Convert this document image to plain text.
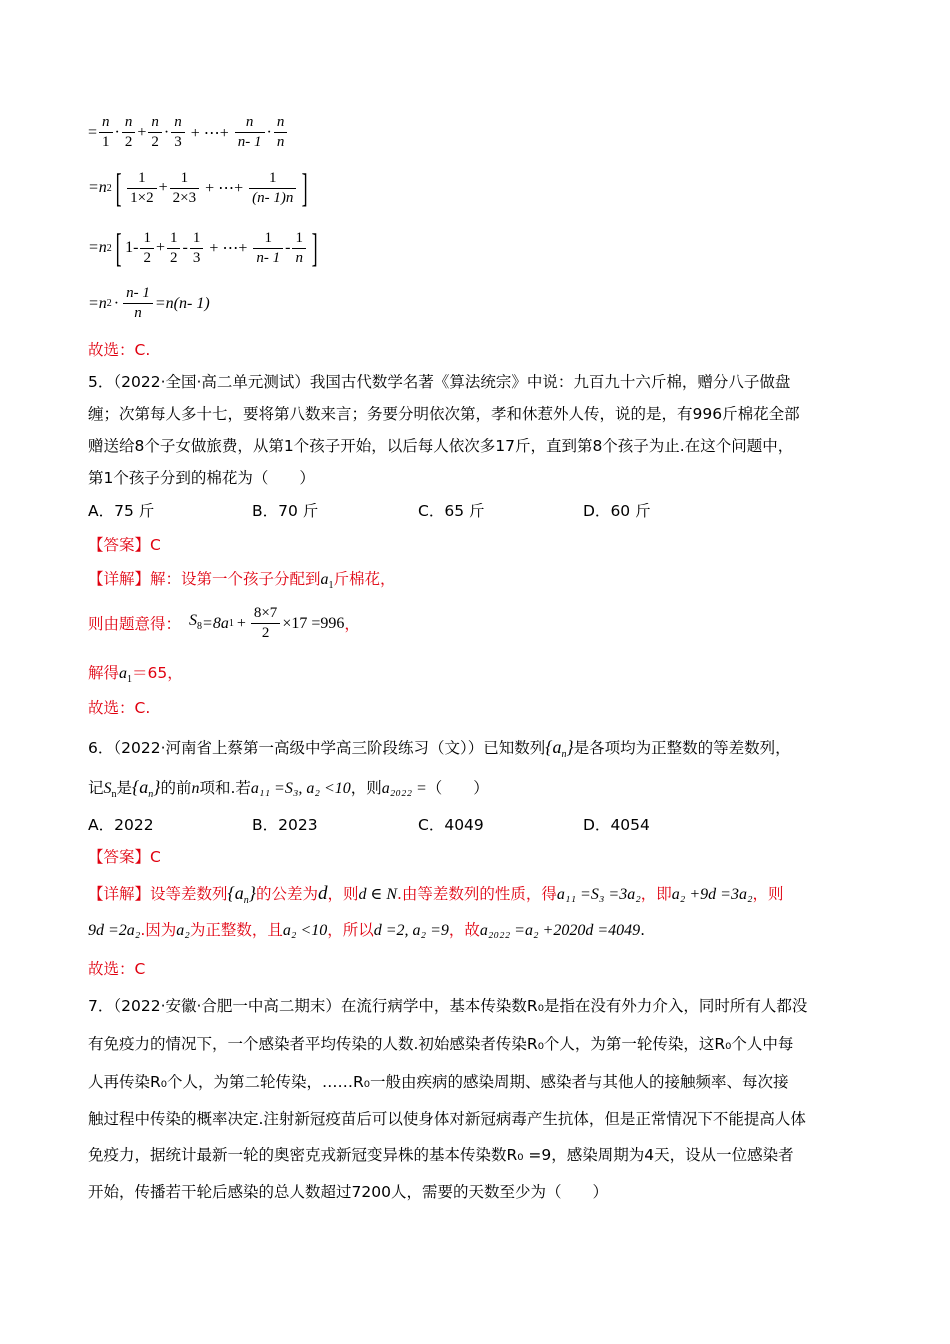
= $\frac{n}{1} \cdot \frac{n}{2} + \frac{n}{2} \cdot \frac{n}{3}$ + ⋯+ $\frac{n}{n- 1} \cdot \frac{n}{n}$
=n 2 [ $\frac{1}{1\times 2} + \frac{1}{2\times 3}$ + ⋯+ $\frac{1}{(n- 1)n}$ ]
=n 2 [ $1- \frac{1}{2} + \frac{1}{2} - \frac{1}{3}$ + ⋯+ $\frac{1}{n- 1} - \frac{1}{n}$ ]
=n $2 \cdot \frac{n- 1}{n} =n(n-$ 1)
故选：C.
5．（2022·全国·高二单元测试）我国古代数学名著《算法统宗》中说：九百九十六斤棉，赠分八子做盘
缠；次第每人多十七，要将第八数来言；务要分明依次第，孝和休惹外人传，说的是，有996斤棉花全部
赠送给8个子女做旅费，从第1个孩子开始，以后每人依次多17斤，直到第8个孩子为止.在这个问题中，
第1个孩子分到的棉花为（　　）
A．75 斤	B．70 斤	C．65 斤	D．60 斤
【答案】C
【详解】解：设第一个孩子分配到$a_1$斤棉花，
则由题意得： $S_8 =8a$ $1 + \frac{8\times 7}{2} \times 17 =996$ ，
解得$a_1=65$，
故选：C.
6．（2022·河南省上蔡第一高级中学高三阶段练习（文））已知数列$\{a_n\}$是各项均为正整数的等差数列，
记$S_n$是$\{a_n\}$的前n项和.若a₁₁ =S₃, a₂ <10，则a₂₀₂₂ =（　　）
A．2022	B．2023	C．4049	D．4054
【答案】C
【详解】设等差数列$\{a_n\}$的公差为d，则d ∈ N.由等差数列的性质，得a₁₁ =S₃ =3a₂，即a₂ +9d =3a₂，则
9d =2a₂.因为a₂为正整数，且a₂ <10，所以d =2, a₂ =9，故a₂₀₂₂ =a₂ +2020d =4049.
故选：C
7．（2022·安徽·合肥一中高二期末）在流行病学中，基本传染数R₀是指在没有外力介入，同时所有人都没
有免疫力的情况下，一个感染者平均传染的人数.初始感染者传染R₀个人，为第一轮传染，这R₀个人中每
人再传染R₀个人，为第二轮传染，……R₀一般由疾病的感染周期、感染者与其他人的接触频率、每次接
触过程中传染的概率决定.注射新冠疫苗后可以使身体对新冠病毒产生抗体，但是正常情况下不能提高人体
免疫力，据统计最新一轮的奥密克戎新冠变异株的基本传染数R₀ =9，感染周期为4天，设从一位感染者
开始，传播若干轮后感染的总人数超过7200人，需要的天数至少为（　　）
